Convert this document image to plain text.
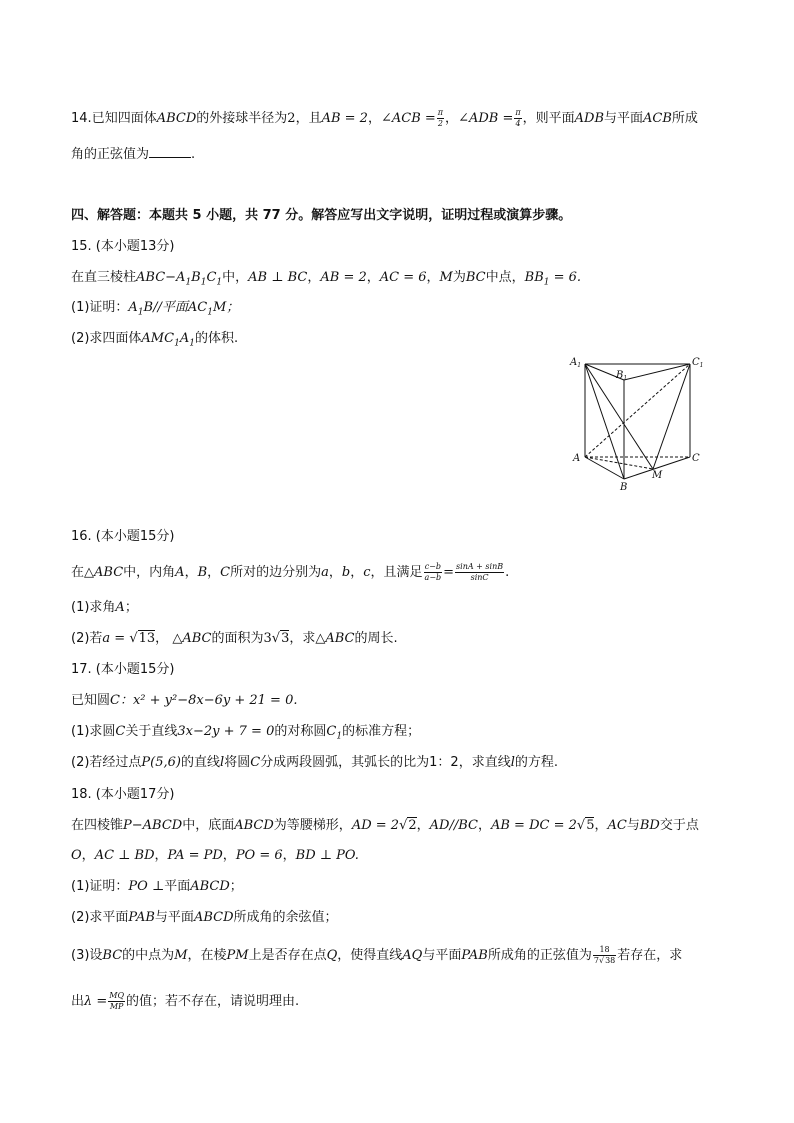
14.已知四面体ABCD的外接球半径为2，且AB = 2，∠ACB = $\frac{\pi}{2}$ ，∠ADB = $\frac{\pi}{4}$ ，则平面ADB与平面ACB所成
角的正弦值为	.
四、解答题：本题共 5 小题，共 77 分。解答应写出文字说明，证明过程或演算步骤。
15. (本小题13分)
在直三棱柱$ABC-A_1B_1C_1$中，AB ⊥ BC，AB = 2，AC = 6，M为BC中点，$BB_1 = 6$.
(1)证明：$A_1B//$平面$AC_1M$；
(2)求四面体$AMC_1A_1$的体积.
$A_1$
$B_1$
$C_1$
A	C
B
M
16. (本小题15分)
在△ABC中，内角A，B，C所对的边分别为a，b，c，且满足 $\frac{c-b}{a-b} = \frac{\sin A + \sin B}{\sin C}$ .
(1)求角A；
(2)若a = √13， △ABC的面积为3√3，求△ABC的周长.
17. (本小题15分)
已知圆C：x² + y²−8x−6y + 21 = 0.
(1)求圆C关于直线3x−2y + 7 = 0的对称圆$C_1$的标准方程；
(2)若经过点P(5,6)的直线l将圆C分成两段圆弧，其弧长的比为1：2，求直线l的方程.
18. (本小题17分)
在四棱锥P−ABCD中，底面ABCD为等腰梯形，AD = 2√2，AD//BC，AB = DC = 2√5，AC与BD交于点
O，AC ⊥ BD，PA = PD，PO = 6，BD ⊥ PO.
(1)证明：PO ⊥平面ABCD；
(2)求平面PAB与平面ABCD所成角的余弦值；
(3)设BC的中点为M，在棱PM上是否存在点Q，使得直线AQ与平面PAB所成角的正弦值为 $\frac{18}{7√38}$ 若存在，求
出$\lambda = \frac{MQ}{MP}$ 的值；若不存在，请说明理由.
